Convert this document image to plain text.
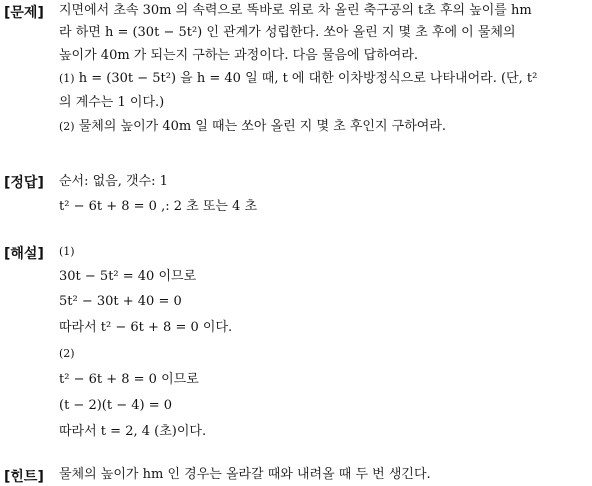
[문제] 지면에서 초속 30m 의 속력으로 똑바로 위로 차 올린 축구공의 t초 후의 높이를 hm
라 하면 h = (30t − 5t²) 인 관계가 성립한다. 쏘아 올린 지 몇 초 후에 이 물체의
높이가 40m 가 되는지 구하는 과정이다. 다음 물음에 답하여라.
(1) h = (30t − 5t²) 을 h = 40 일 때, t 에 대한 이차방정식으로 나타내어라. (단, t²
의 계수는 1 이다.)
(2) 물체의 높이가 40m 일 때는 쏘아 올린 지 몇 초 후인지 구하여라.
[정답] 순서: 없음, 갯수: 1
t² − 6t + 8 = 0 ,: 2 초 또는 4 초
[해설] (1)
30t − 5t² = 40 이므로
5t² − 30t + 40 = 0
따라서 t² − 6t + 8 = 0 이다.
(2)
t² − 6t + 8 = 0 이므로
(t − 2)(t − 4) = 0
따라서 t = 2, 4 (초)이다.
[힌트] 물체의 높이가 hm 인 경우는 올라갈 때와 내려올 때 두 번 생긴다.
